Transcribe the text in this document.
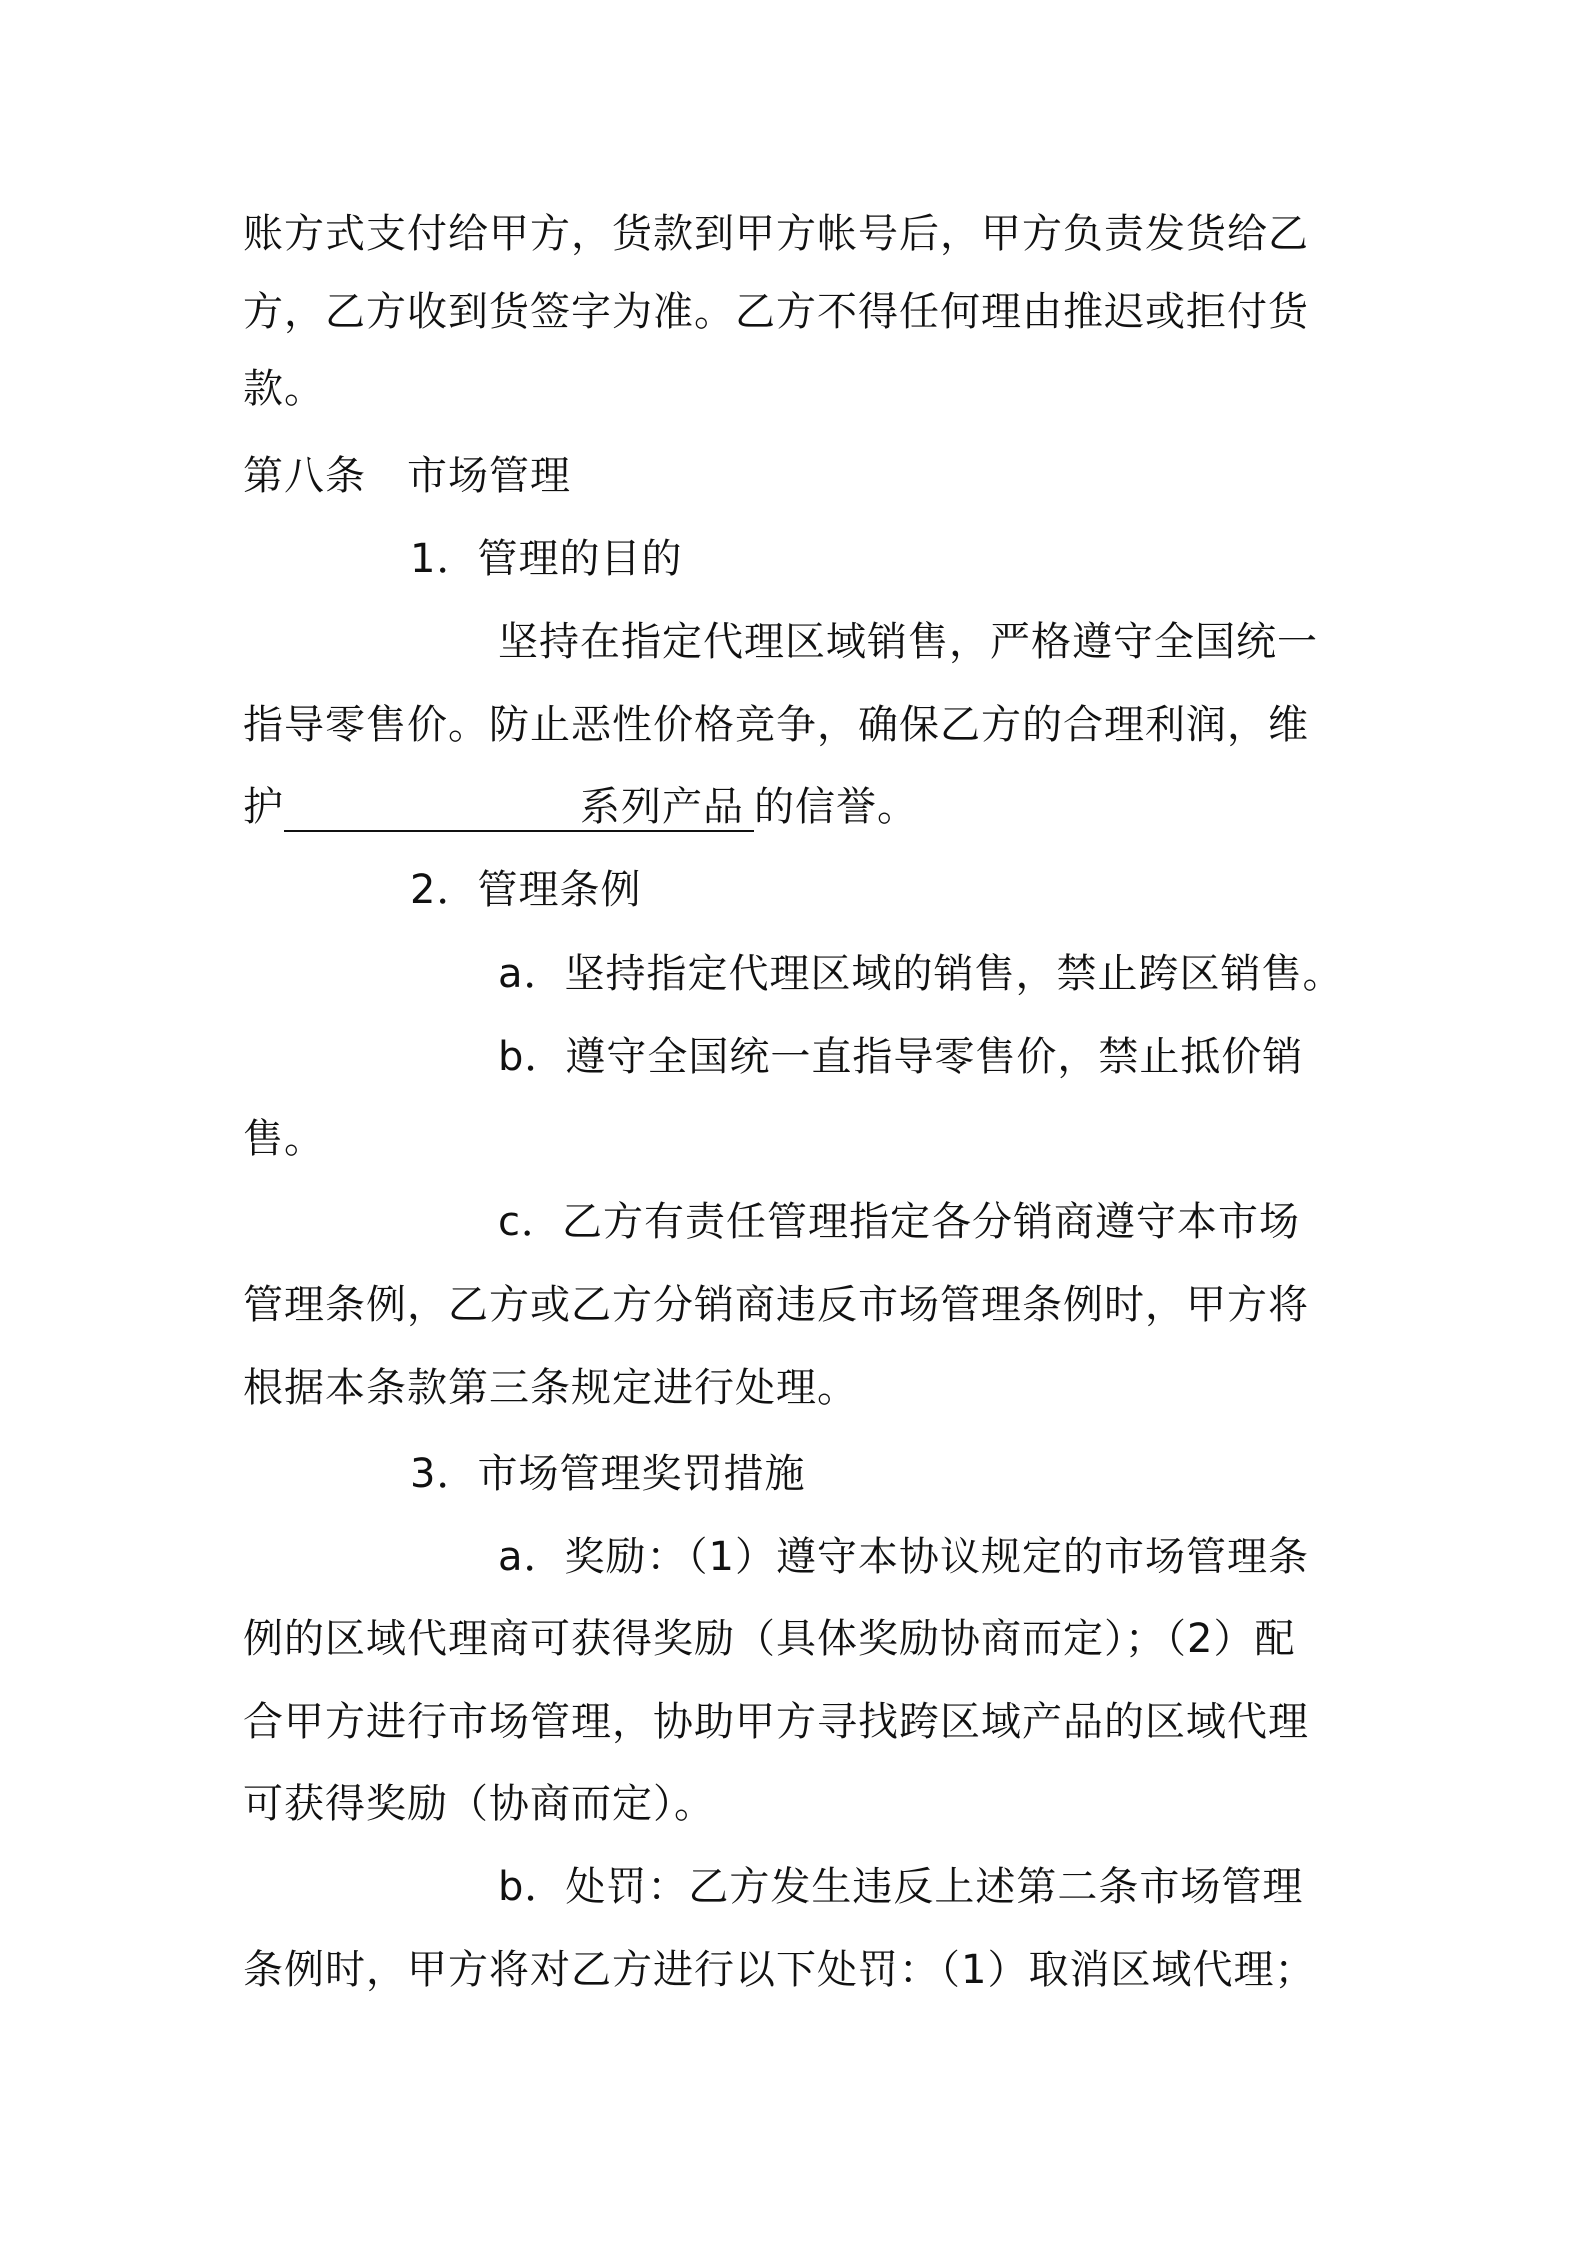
账方式支付给甲方，货款到甲方帐号后，甲方负责发货给乙
方，乙方收到货签字为准。乙方不得任何理由推迟或拒付货
款。
第八条　市场管理
1．管理的目的
坚持在指定代理区域销售，严格遵守全国统一
指导零售价。防止恶性价格竞争，确保乙方的合理利润，维
护	系列产品 的信誉。
2．管理条例
a．坚持指定代理区域的销售，禁止跨区销售。
b．遵守全国统一直指导零售价，禁止抵价销
售。
c．乙方有责任管理指定各分销商遵守本市场
管理条例，乙方或乙方分销商违反市场管理条例时，甲方将
根据本条款第三条规定进行处理。
3．市场管理奖罚措施
a．奖励：（1）遵守本协议规定的市场管理条
例的区域代理商可获得奖励（具体奖励协商而定）；（2）配
合甲方进行市场管理，协助甲方寻找跨区域产品的区域代理
可获得奖励（协商而定）。
b．处罚：乙方发生违反上述第二条市场管理
条例时，甲方将对乙方进行以下处罚：（1）取消区域代理；
